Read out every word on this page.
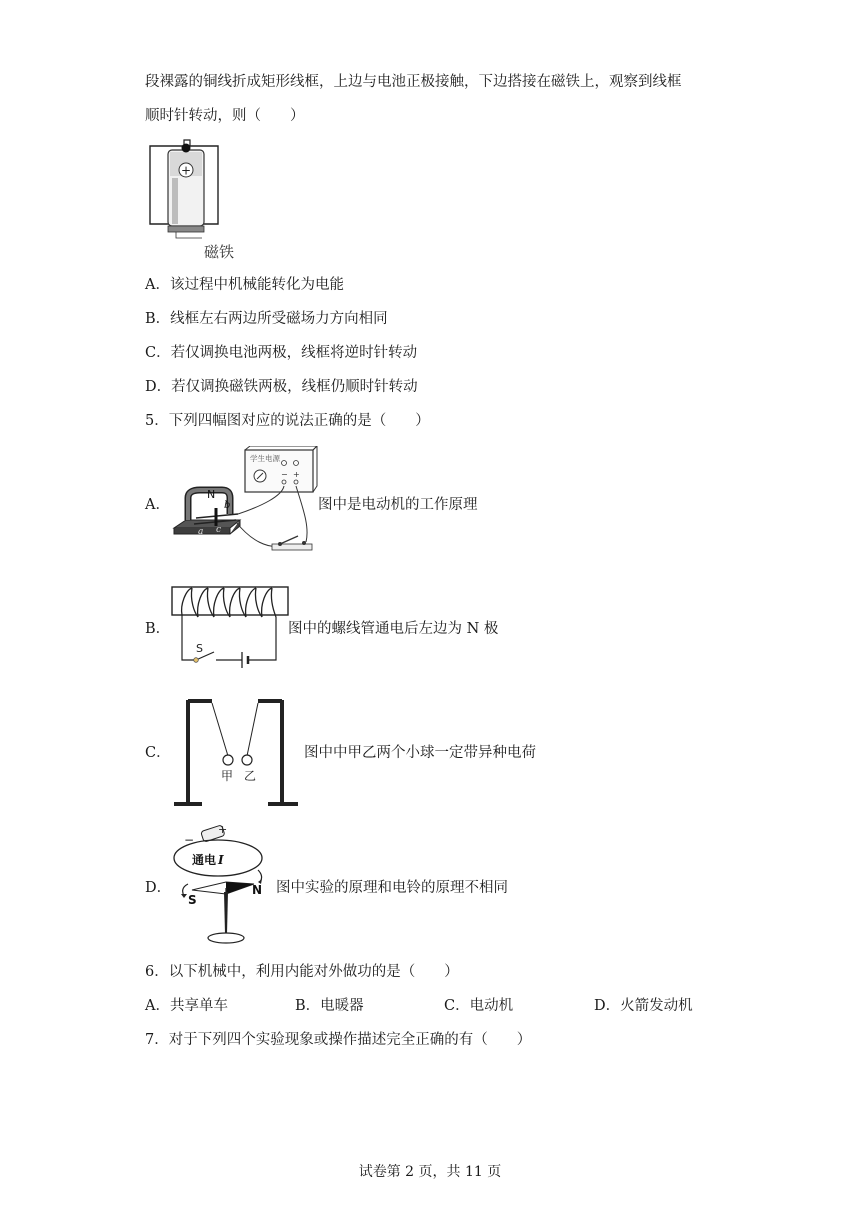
段裸露的铜线折成矩形线框，上边与电池正极接触，下边搭接在磁铁上，观察到线框
顺时针转动，则（　　）
+
磁铁
A．该过程中机械能转化为电能
B．线框左右两边所受磁场力方向相同
C．若仅调换电池两极，线框将逆时针转动
D．若仅调换磁铁两极，线框仍顺时针转动
5．下列四幅图对应的说法正确的是（　　）
A．
学生电源
− +
N
b
c
a
图中是电动机的工作原理
B．
S
图中的螺线管通电后左边为 N 极
C．
甲 乙
图中中甲乙两个小球一定带异种电荷
D．
−
+
通电 I
S
N 图中实验的原理和电铃的原理不相同
6．以下机械中，利用内能对外做功的是（　　）
A．共享单车	B．电暖器	C．电动机	D．火箭发动机
7．对于下列四个实验现象或操作描述完全正确的有（　　）
试卷第 2 页，共 11 页
